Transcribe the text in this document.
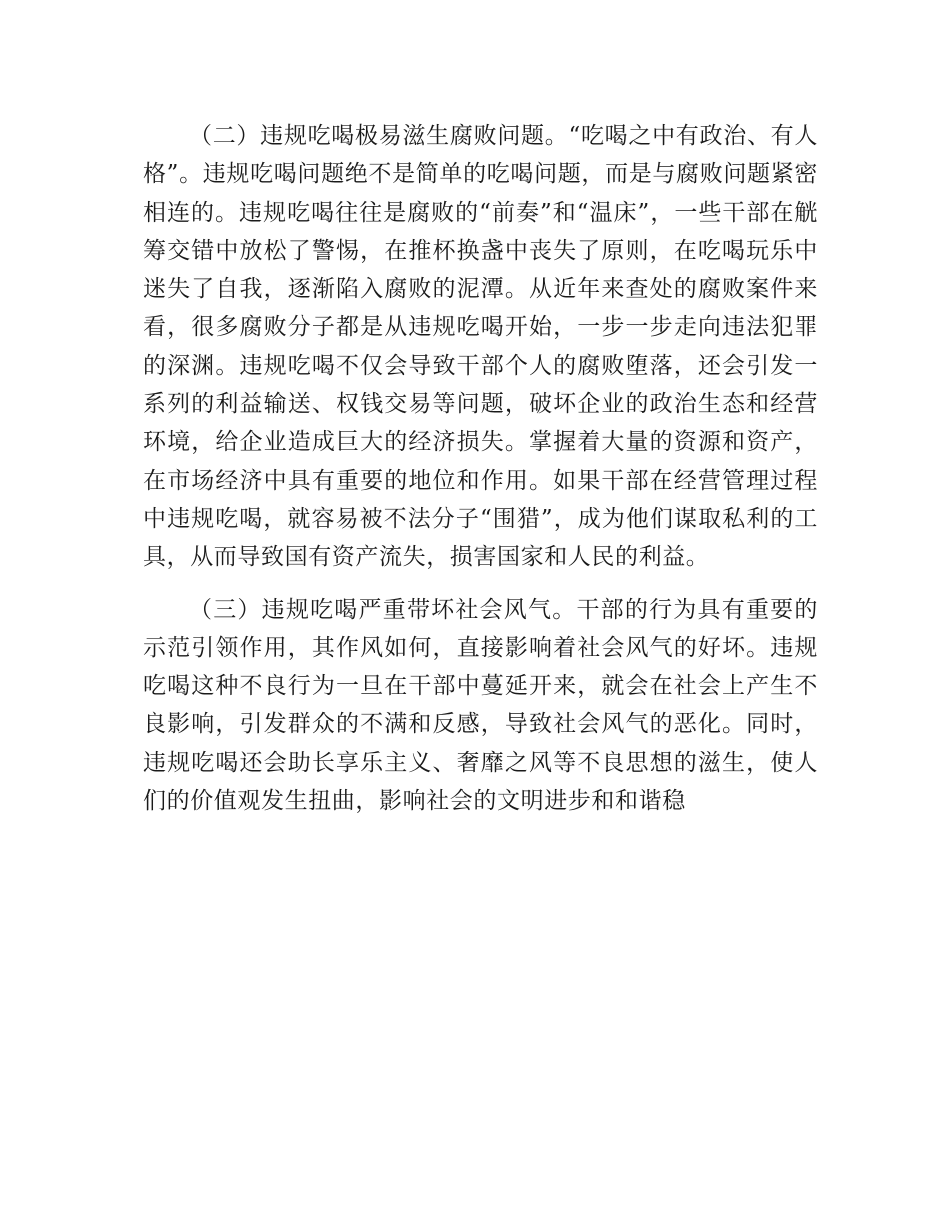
（二）违规吃喝极易滋生腐败问题。“吃喝之中有政治、有人格”。违规吃喝问题绝不是简单的吃喝问题，而是与腐败问题紧密相连的。违规吃喝往往是腐败的“前奏”和“温床”，一些干部在觥筹交错中放松了警惕，在推杯换盏中丧失了原则，在吃喝玩乐中迷失了自我，逐渐陷入腐败的泥潭。从近年来查处的腐败案件来看，很多腐败分子都是从违规吃喝开始，一步一步走向违法犯罪的深渊。违规吃喝不仅会导致干部个人的腐败堕落，还会引发一系列的利益输送、权钱交易等问题，破坏企业的政治生态和经营环境，给企业造成巨大的经济损失。掌握着大量的资源和资产，在市场经济中具有重要的地位和作用。如果干部在经营管理过程中违规吃喝，就容易被不法分子“围猎”，成为他们谋取私利的工具，从而导致国有资产流失，损害国家和人民的利益。

（三）违规吃喝严重带坏社会风气。干部的行为具有重要的示范引领作用，其作风如何，直接影响着社会风气的好坏。违规吃喝这种不良行为一旦在干部中蔓延开来，就会在社会上产生不良影响，引发群众的不满和反感，导致社会风气的恶化。同时，违规吃喝还会助长享乐主义、奢靡之风等不良思想的滋生，使人们的价值观发生扭曲，影响社会的文明进步和和谐稳
